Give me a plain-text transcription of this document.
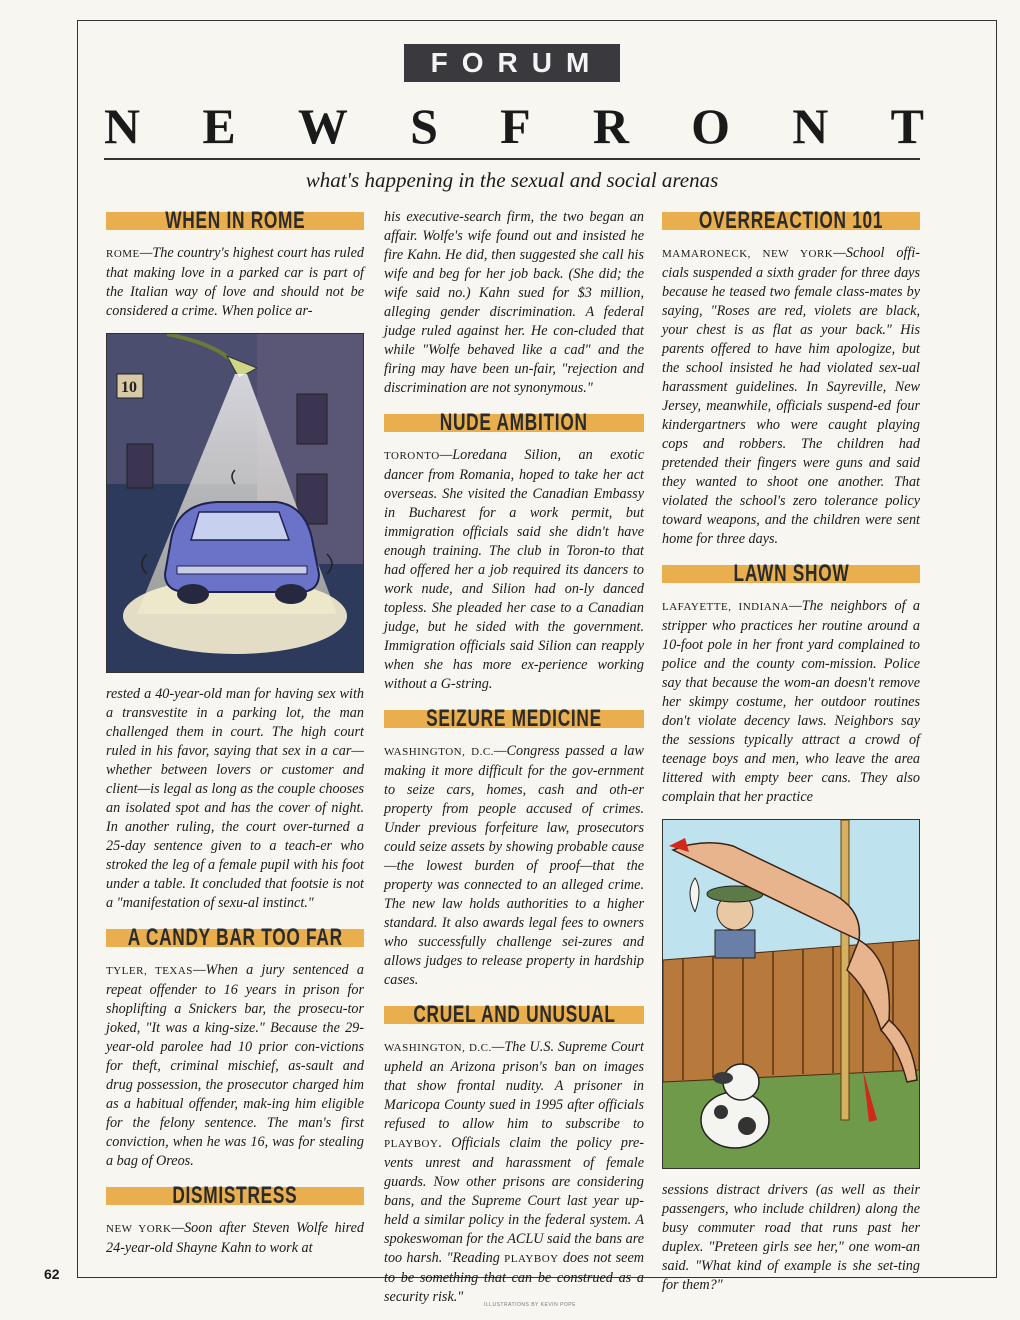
FORUM
N E W S F R O N T
what's happening in the sexual and social arenas
WHEN IN ROME

ROME—The country's highest court has ruled that making love in a parked car is part of the Italian way of love and should not be considered a crime. When police ar-

10

rested a 40-year-old man for having sex with a transvestite in a parking lot, the man challenged them in court. The high court ruled in his favor, saying that sex in a car—whether between lovers or customer and client—is legal as long as the couple chooses an isolated spot and has the cover of night. In another ruling, the court over-turned a 25-day sentence given to a teach-er who stroked the leg of a female pupil with his foot under a table. It concluded that footsie is not a "manifestation of sexu-al instinct."

A CANDY BAR TOO FAR

TYLER, TEXAS—When a jury sentenced a repeat offender to 16 years in prison for shoplifting a Snickers bar, the prosecu-tor joked, "It was a king-size." Because the 29-year-old parolee had 10 prior con-victions for theft, criminal mischief, as-sault and drug possession, the prosecutor charged him as a habitual offender, mak-ing him eligible for the felony sentence. The man's first conviction, when he was 16, was for stealing a bag of Oreos.

DISMISTRESS

NEW YORK—Soon after Steven Wolfe hired 24-year-old Shayne Kahn to work at

his executive-search firm, the two began an affair. Wolfe's wife found out and insisted he fire Kahn. He did, then suggested she call his wife and beg for her job back. (She did; the wife said no.) Kahn sued for $3 million, alleging gender discrimination. A federal judge ruled against her. He con-cluded that while "Wolfe behaved like a cad" and the firing may have been un-fair, "rejection and discrimination are not synonymous."

NUDE AMBITION

TORONTO—Loredana Silion, an exotic dancer from Romania, hoped to take her act overseas. She visited the Canadian Embassy in Bucharest for a work permit, but immigration officials said she didn't have enough training. The club in Toron-to that had offered her a job required its dancers to work nude, and Silion had on-ly danced topless. She pleaded her case to a Canadian judge, but he sided with the government. Immigration officials said Silion can reapply when she has more ex-perience working without a G-string.

SEIZURE MEDICINE

WASHINGTON, D.C.—Congress passed a law making it more difficult for the gov-ernment to seize cars, homes, cash and oth-er property from people accused of crimes. Under previous forfeiture law, prosecutors could seize assets by showing probable cause—the lowest burden of proof—that the property was connected to an alleged crime. The new law holds authorities to a higher standard. It also awards legal fees to owners who successfully challenge sei-zures and allows judges to release property in hardship cases.

CRUEL AND UNUSUAL

WASHINGTON, D.C.—The U.S. Supreme Court upheld an Arizona prison's ban on images that show frontal nudity. A prisoner in Maricopa County sued in 1995 after officials refused to allow him to subscribe to PLAYBOY. Officials claim the policy pre-vents unrest and harassment of female guards. Now other prisons are considering bans, and the Supreme Court last year up-held a similar policy in the federal system. A spokeswoman for the ACLU said the bans are too harsh. "Reading PLAYBOY does not seem to be something that can be construed as a security risk."

OVERREACTION 101

MAMARONECK, NEW YORK—School offi-cials suspended a sixth grader for three days because he teased two female class-mates by saying, "Roses are red, violets are black, your chest is as flat as your back." His parents offered to have him apologize, but the school insisted he had violated sex-ual harassment guidelines. In Sayreville, New Jersey, meanwhile, officials suspend-ed four kindergartners who were caught playing cops and robbers. The children had pretended their fingers were guns and said they wanted to shoot one another. That violated the school's zero tolerance policy toward weapons, and the children were sent home for three days.

LAWN SHOW

LAFAYETTE, INDIANA—The neighbors of a stripper who practices her routine around a 10-foot pole in her front yard complained to police and the county com-mission. Police say that because the wom-an doesn't remove her skimpy costume, her outdoor routines don't violate decency laws. Neighbors say the sessions typically attract a crowd of teenage boys and men, who leave the area littered with empty beer cans. They also complain that her practice

sessions distract drivers (as well as their passengers, who include children) along the busy commuter road that runs past her duplex. "Preteen girls see her," one wom-an said. "What kind of example is she set-ting for them?"

62
ILLUSTRATIONS BY KEVIN POPE
